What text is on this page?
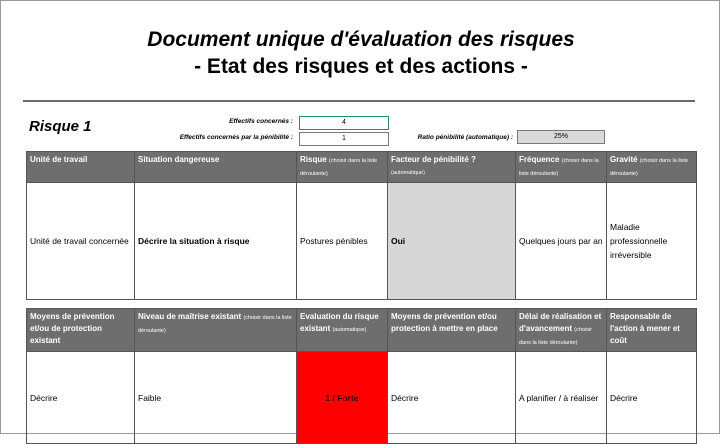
Document unique d'évaluation des risques
- Etat des risques et des actions -
Risque 1	Effectifs concernés :	4
Effectifs concernés par la pénibilité :	1	Ratio pénibilité (automatique) :	25%
Unité de travail	Situation dangereuse	Risque (choisir dans la liste déroulante)	Facteur de pénibilité ? (automatique)	Fréquence (choisir dans la liste déroulante)	Gravité (choisir dans la liste déroulante)
Unité de travail concernée	Décrire la situation à risque	Postures pénibles	Oui	Quelques jours par an	Maladie professionnelle irréversible
Moyens de prévention et/ou de protection existant	Niveau de maîtrise existant (choisir dans la liste déroulante)	Evaluation du risque existant (automatique)	Moyens de prévention et/ou protection à mettre en place	Délai de réalisation et d'avancement (choisir dans la liste déroulante)	Responsable de l'action à mener et coût
Décrire	Faible	1 / Forte	Décrire	A planifier / à réaliser	Décrire
